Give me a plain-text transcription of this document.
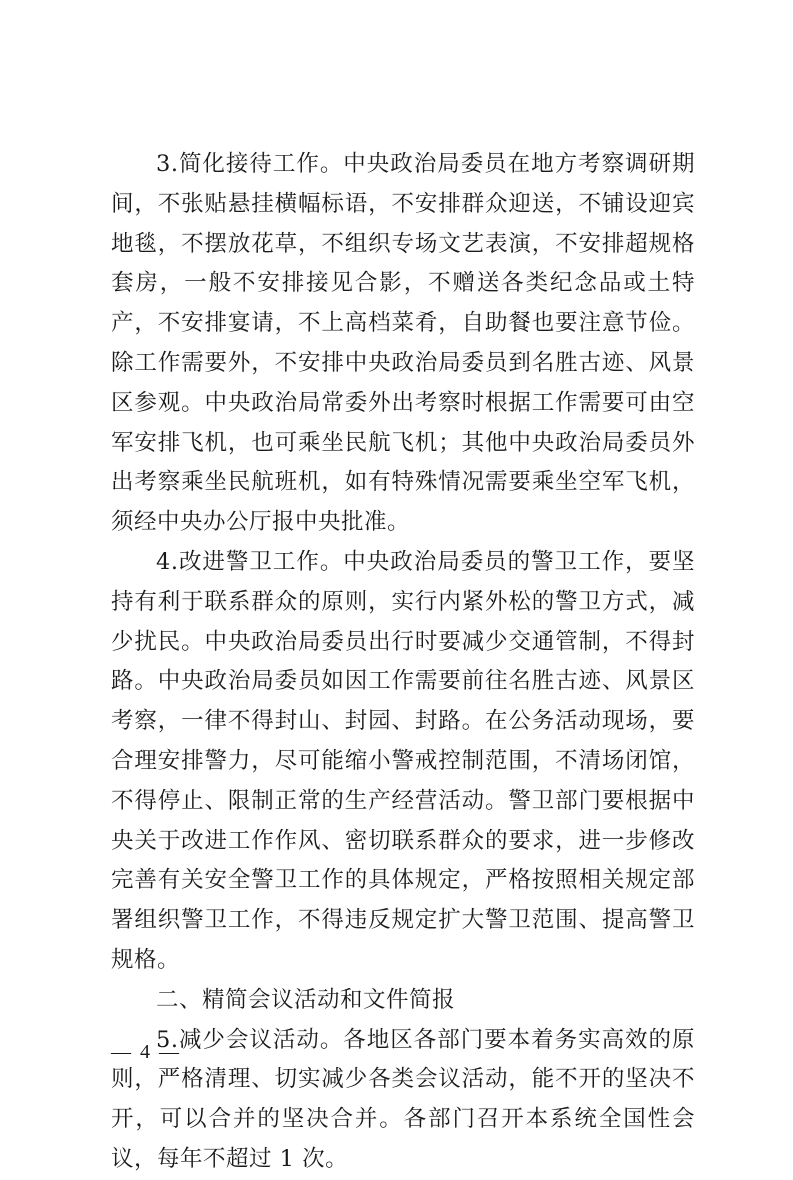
3.简化接待工作。中央政治局委员在地方考察调研期间，不张贴悬挂横幅标语，不安排群众迎送，不铺设迎宾地毯，不摆放花草，不组织专场文艺表演，不安排超规格套房，一般不安排接见合影，不赠送各类纪念品或土特产，不安排宴请，不上高档菜肴，自助餐也要注意节俭。除工作需要外，不安排中央政治局委员到名胜古迹、风景区参观。中央政治局常委外出考察时根据工作需要可由空军安排飞机，也可乘坐民航飞机；其他中央政治局委员外出考察乘坐民航班机，如有特殊情况需要乘坐空军飞机，须经中央办公厅报中央批准。

4.改进警卫工作。中央政治局委员的警卫工作，要坚持有利于联系群众的原则，实行内紧外松的警卫方式，减少扰民。中央政治局委员出行时要减少交通管制，不得封路。中央政治局委员如因工作需要前往名胜古迹、风景区考察，一律不得封山、封园、封路。在公务活动现场，要合理安排警力，尽可能缩小警戒控制范围，不清场闭馆，不得停止、限制正常的生产经营活动。警卫部门要根据中央关于改进工作作风、密切联系群众的要求，进一步修改完善有关安全警卫工作的具体规定，严格按照相关规定部署组织警卫工作，不得违反规定扩大警卫范围、提高警卫规格。

二、精简会议活动和文件简报

5.减少会议活动。各地区各部门要本着务实高效的原则，严格清理、切实减少各类会议活动，能不开的坚决不开，可以合并的坚决合并。各部门召开本系统全国性会议，每年不超过 1 次。

— 4 —
